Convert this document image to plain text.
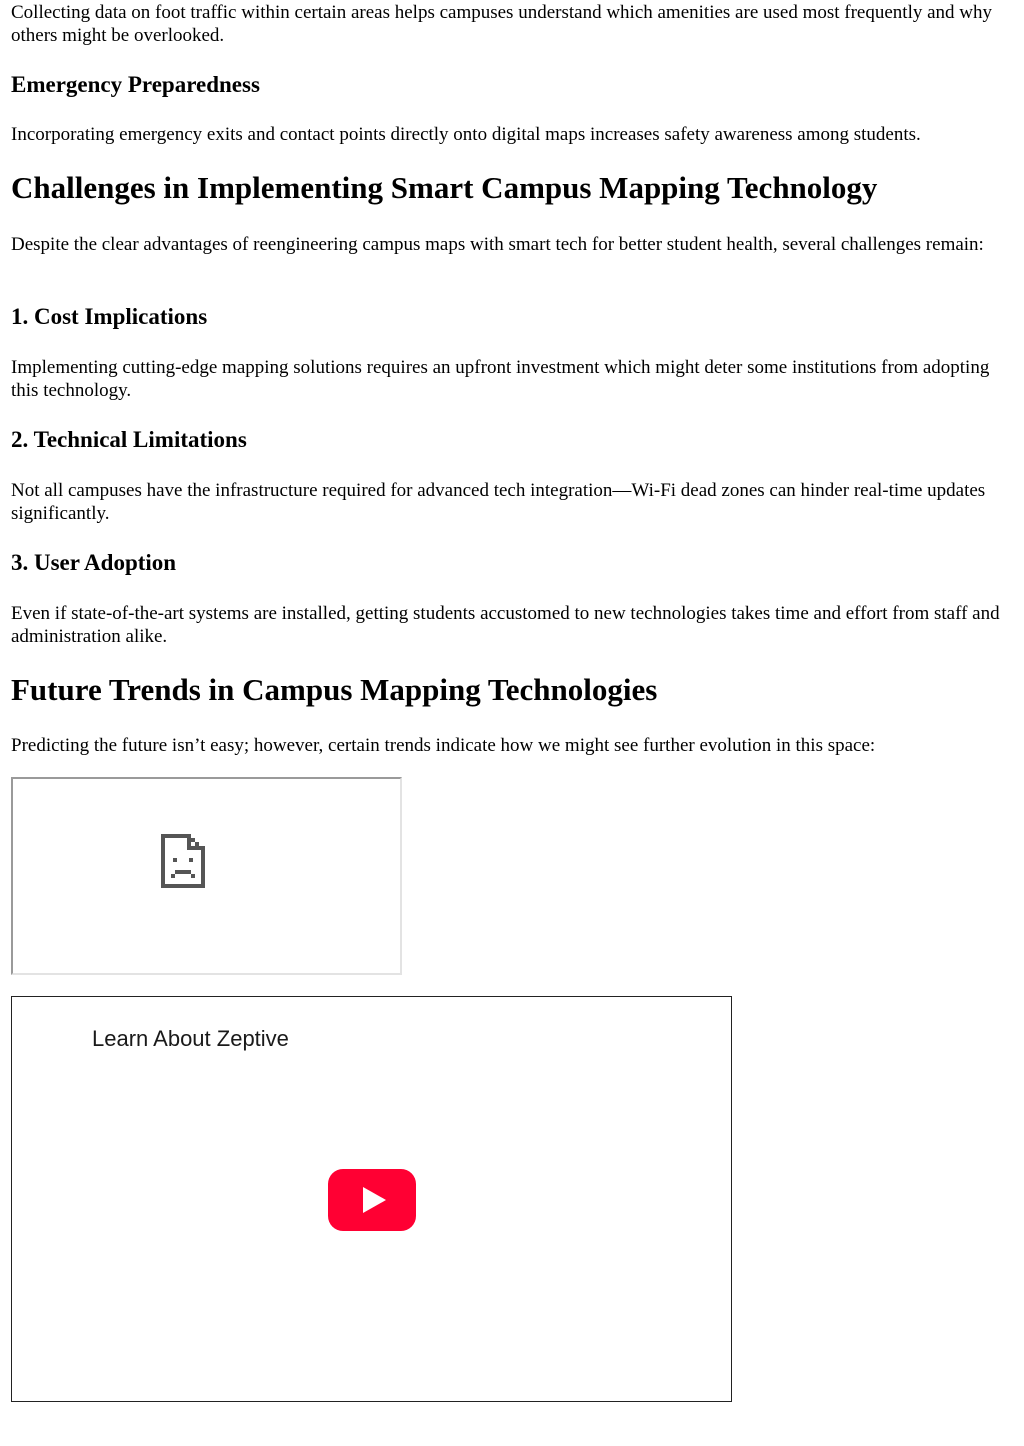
Collecting data on foot traffic within certain areas helps campuses understand which amenities are used most frequently and why others might be overlooked.

Emergency Preparedness

Incorporating emergency exits and contact points directly onto digital maps increases safety awareness among students.

Challenges in Implementing Smart Campus Mapping Technology

Despite the clear advantages of reengineering campus maps with smart tech for better student health, several challenges remain:

1. Cost Implications

Implementing cutting-edge mapping solutions requires an upfront investment which might deter some institutions from adopting this technology.

2. Technical Limitations

Not all campuses have the infrastructure required for advanced tech integration—Wi-Fi dead zones can hinder real-time updates significantly.

3. User Adoption

Even if state-of-the-art systems are installed, getting students accustomed to new technologies takes time and effort from staff and administration alike.

Future Trends in Campus Mapping Technologies

Predicting the future isn’t easy; however, certain trends indicate how we might see further evolution in this space:

Learn About Zeptive
